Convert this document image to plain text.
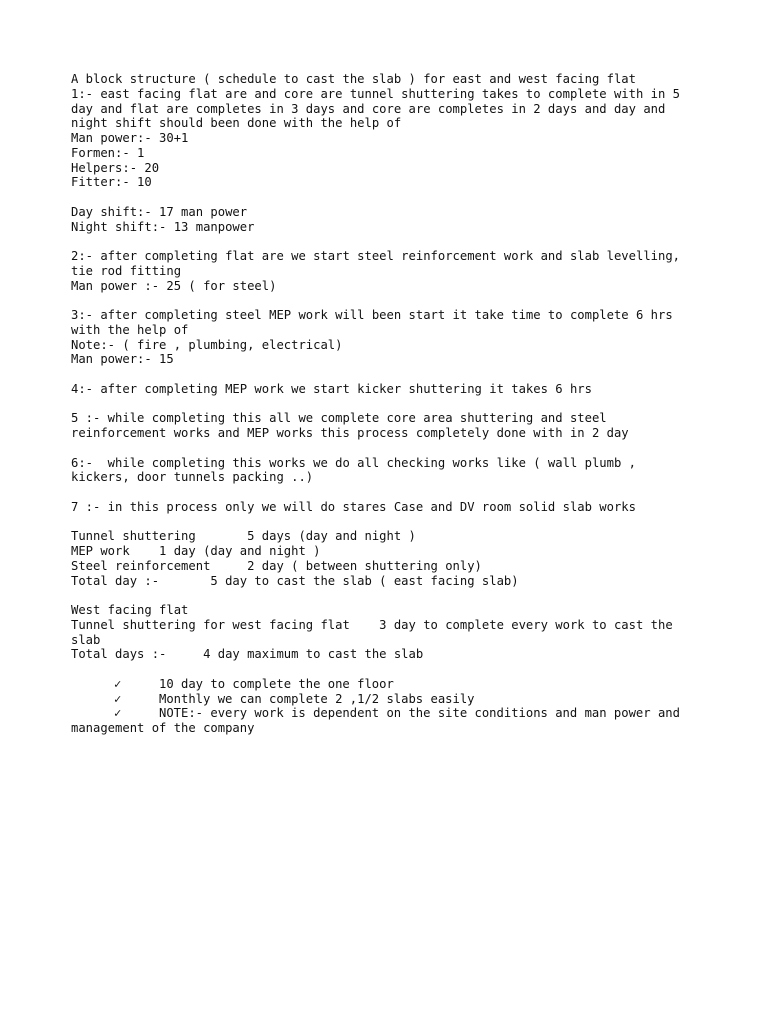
A block structure ( schedule to cast the slab ) for east and west facing flat
1:- east facing flat are and core are tunnel shuttering takes to complete with in 5
day and flat are completes in 3 days and core are completes in 2 days and day and
night shift should been done with the help of
Man power:- 30+1
Formen:- 1
Helpers:- 20
Fitter:- 10
Day shift:- 17 man power
Night shift:- 13 manpower
2:- after completing flat are we start steel reinforcement work and slab levelling,
tie rod fitting
Man power :- 25 ( for steel)
3:- after completing steel MEP work will been start it take time to complete 6 hrs
with the help of
Note:- ( fire , plumbing, electrical)
Man power:- 15
4:- after completing MEP work we start kicker shuttering it takes 6 hrs
5 :- while completing this all we complete core area shuttering and steel
reinforcement works and MEP works this process completely done with in 2 day
6:-  while completing this works we do all checking works like ( wall plumb ,
kickers, door tunnels packing ..)
7 :- in this process only we will do stares Case and DV room solid slab works
Tunnel shuttering       5 days (day and night )
MEP work    1 day (day and night )
Steel reinforcement     2 day ( between shuttering only)
Total day :-       5 day to cast the slab ( east facing slab)
West facing flat
Tunnel shuttering for west facing flat    3 day to complete every work to cast the
slab
Total days :-     4 day maximum to cast the slab
✓	10 day to complete the one floor
✓	Monthly we can complete 2 ,1/2 slabs easily
✓	NOTE:- every work is dependent on the site conditions and man power and
management of the company
